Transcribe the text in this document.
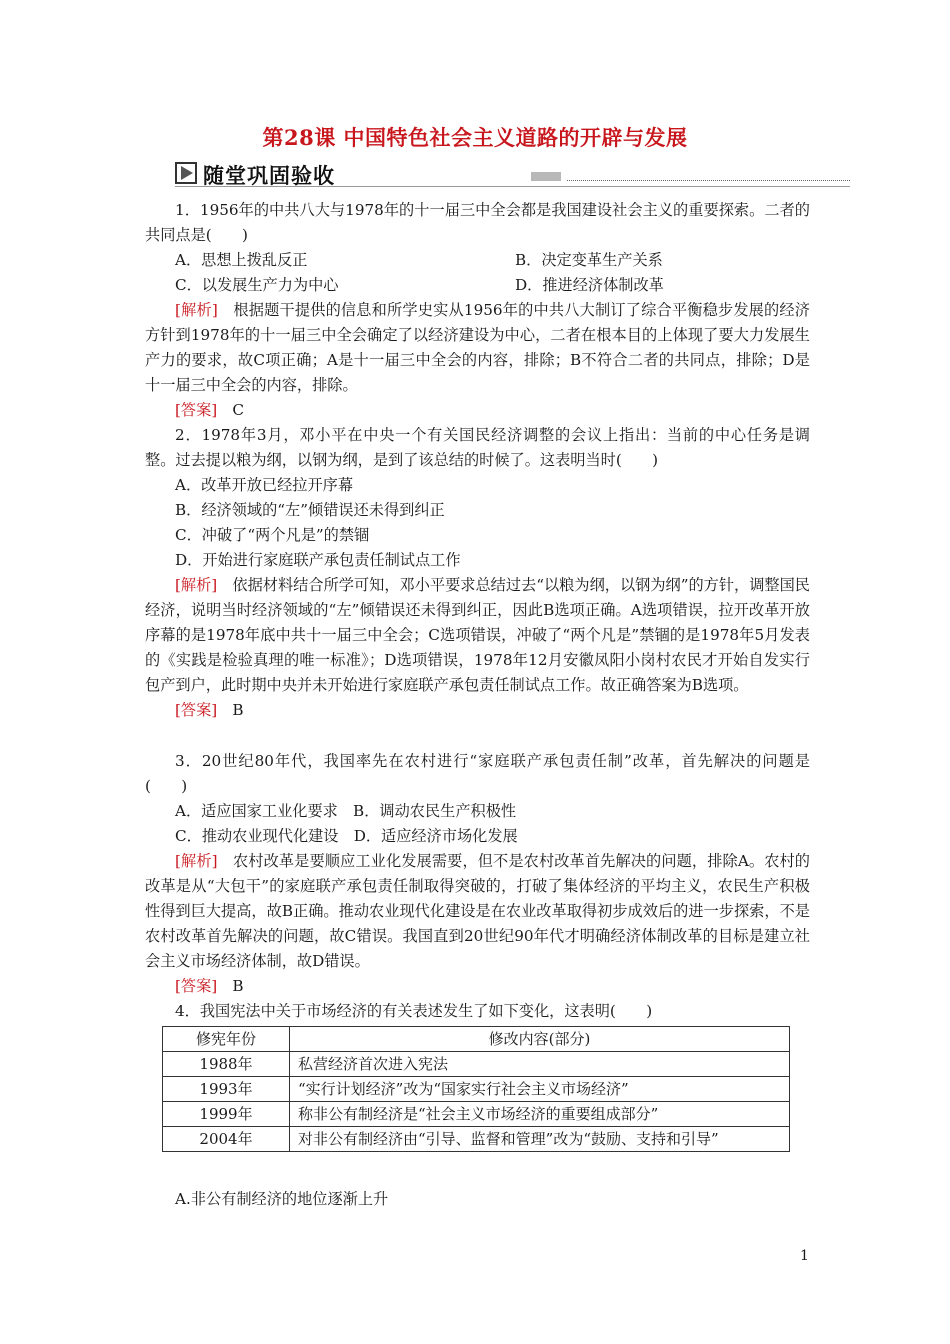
第28课 中国特色社会主义道路的开辟与发展
随堂巩固验收

1．1956年的中共八大与1978年的十一届三中全会都是我国建设社会主义的重要探索。二者的共同点是(　　)

A．思想上拨乱反正	B．决定变革生产关系
C．以发展生产力为中心	D．推进经济体制改革

[解析]　根据题干提供的信息和所学史实从1956年的中共八大制订了综合平衡稳步发展的经济方针到1978年的十一届三中全会确定了以经济建设为中心，二者在根本目的上体现了要大力发展生产力的要求，故C项正确；A是十一届三中全会的内容，排除；B不符合二者的共同点，排除；D是十一届三中全会的内容，排除。

[答案]　C

2．1978年3月，邓小平在中央一个有关国民经济调整的会议上指出：当前的中心任务是调整。过去提以粮为纲，以钢为纲，是到了该总结的时候了。这表明当时(　　)

A．改革开放已经拉开序幕

B．经济领域的“左”倾错误还未得到纠正

C．冲破了“两个凡是”的禁锢

D．开始进行家庭联产承包责任制试点工作

[解析]　依据材料结合所学可知，邓小平要求总结过去“以粮为纲，以钢为纲”的方针，调整国民经济，说明当时经济领域的“左”倾错误还未得到纠正，因此B选项正确。A选项错误，拉开改革开放序幕的是1978年底中共十一届三中全会；C选项错误，冲破了“两个凡是”禁锢的是1978年5月发表的《实践是检验真理的唯一标准》；D选项错误，1978年12月安徽凤阳小岗村农民才开始自发实行包产到户，此时期中央并未开始进行家庭联产承包责任制试点工作。故正确答案为B选项。

[答案]　B

3．20世纪80年代，我国率先在农村进行“家庭联产承包责任制”改革，首先解决的问题是(　　)

A．适应国家工业化要求　 B．调动农民生产积极性

C．推动农业现代化建设　 D．适应经济市场化发展

[解析]　农村改革是要顺应工业化发展需要，但不是农村改革首先解决的问题，排除A。农村的改革是从“大包干”的家庭联产承包责任制取得突破的，打破了集体经济的平均主义，农民生产积极性得到巨大提高，故B正确。推动农业现代化建设是在农业改革取得初步成效后的进一步探索，不是农村改革首先解决的问题，故C错误。我国直到20世纪90年代才明确经济体制改革的目标是建立社会主义市场经济体制，故D错误。

[答案]　B

4．我国宪法中关于市场经济的有关表述发生了如下变化，这表明(　　)

修宪年份	修改内容(部分)
1988年	私营经济首次进入宪法
1993年	“实行计划经济”改为“国家实行社会主义市场经济”
1999年	称非公有制经济是“社会主义市场经济的重要组成部分”
2004年	对非公有制经济由“引导、监督和管理”改为“鼓励、支持和引导”
A.非公有制经济的地位逐渐上升
1
